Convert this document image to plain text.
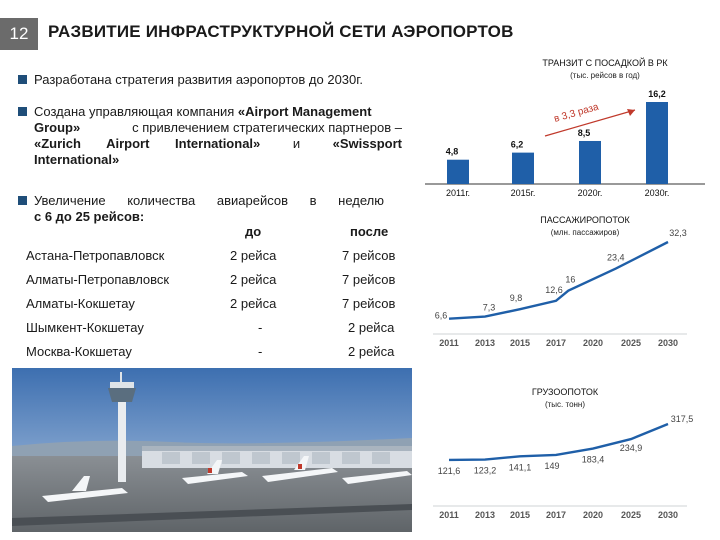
12	РАЗВИТИЕ ИНФРАСТРУКТУРНОЙ СЕТИ АЭРОПОРТОВ
Разработана стратегия развития аэропортов до 2030г.
Создана управляющая компания «Airport Management
Group»	с привлечением стратегических партнеров –
«Zurich Airport International»	и	«Swissport
International»
Увеличение количества авиарейсов в неделю
с 6 до 25 рейсов:
до	после
Астана-Петропавловск	2 рейса	7 рейсов
Алматы-Петропавловск	2 рейса	7 рейсов
Алматы-Кокшетау	2 рейса	7 рейсов
Шымкент-Кокшетау	-	2 рейса
Москва-Кокшетау	-	2 рейса
ТРАНЗИТ С ПОСАДКОЙ В РК
(тыс. рейсов в год)
4,8
2011г.
6,2
2015г.
8,5
2020г.
16,2
2030г.
в 3,3 раза
ПАССАЖИРОПОТОК
(млн. пассажиров)
6,6
7,3
9,8
12,6
16
23,4
32,3
2011 2013 2015 2017 2020 2025 2030
ГРУЗООПОТОК
(тыс. тонн)
121,6 123,2 141,1 149
183,4
234,9
317,5
2011 2013 2015 2017 2020 2025 2030
